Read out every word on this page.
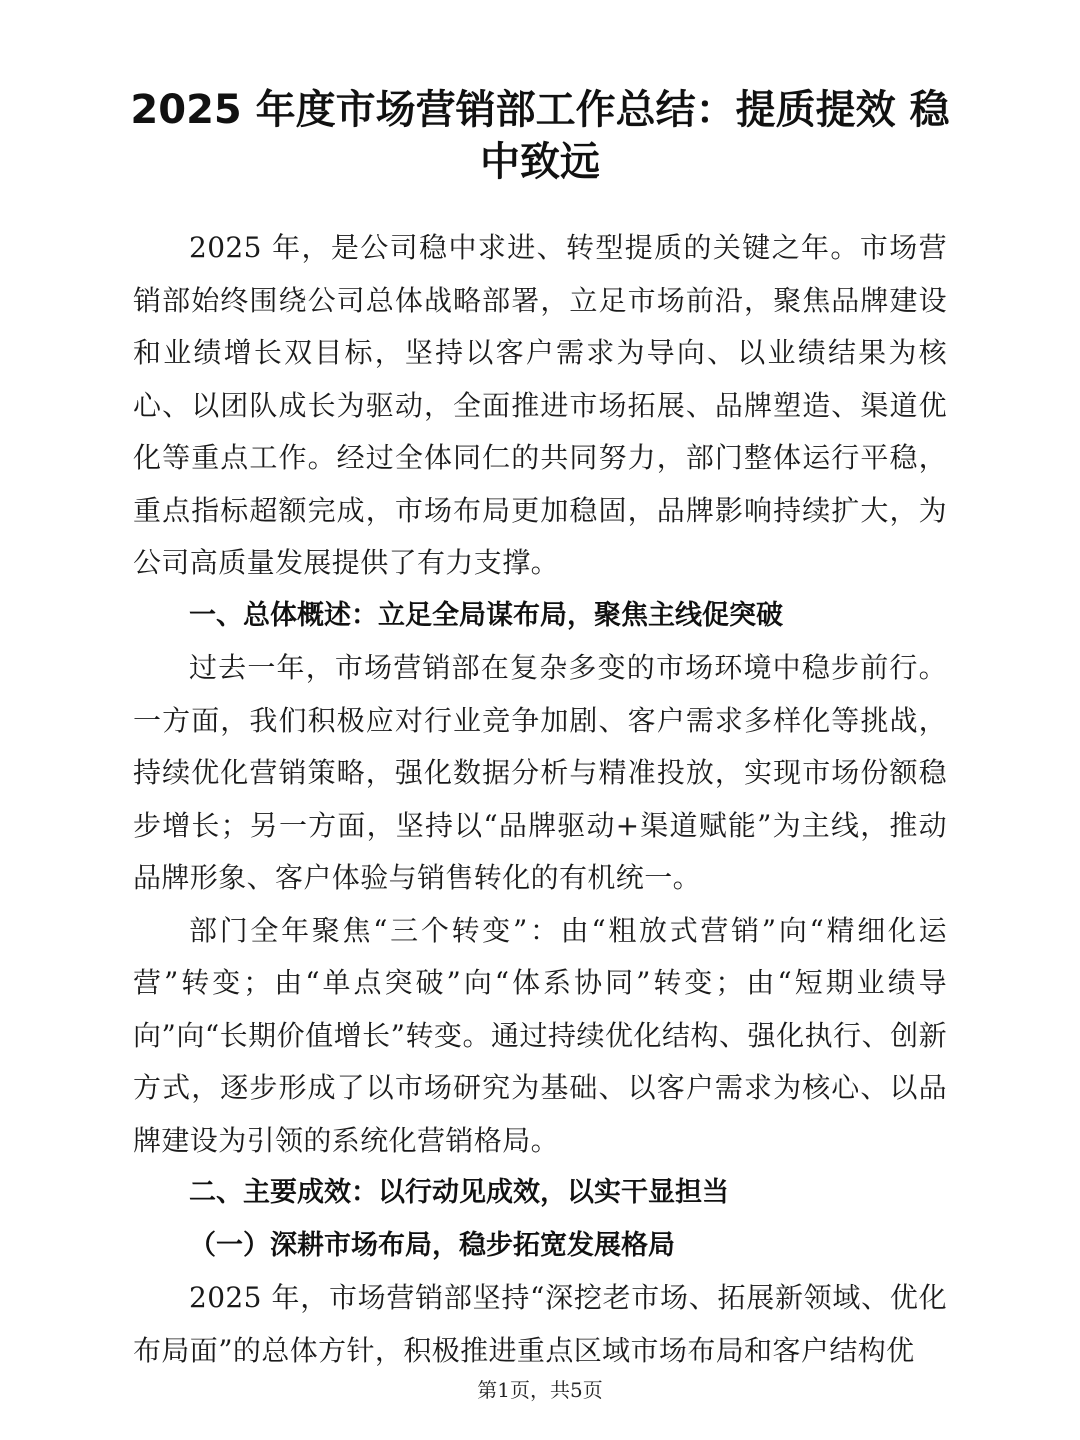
2025 年度市场营销部工作总结：提质提效 稳中致远

2025 年，是公司稳中求进、转型提质的关键之年。市场营销部始终围绕公司总体战略部署，立足市场前沿，聚焦品牌建设和业绩增长双目标，坚持以客户需求为导向、以业绩结果为核心、以团队成长为驱动，全面推进市场拓展、品牌塑造、渠道优化等重点工作。经过全体同仁的共同努力，部门整体运行平稳，重点指标超额完成，市场布局更加稳固，品牌影响持续扩大，为公司高质量发展提供了有力支撑。

一、总体概述：立足全局谋布局，聚焦主线促突破

过去一年，市场营销部在复杂多变的市场环境中稳步前行。一方面，我们积极应对行业竞争加剧、客户需求多样化等挑战，持续优化营销策略，强化数据分析与精准投放，实现市场份额稳步增长；另一方面，坚持以“品牌驱动+渠道赋能”为主线，推动品牌形象、客户体验与销售转化的有机统一。

部门全年聚焦“三个转变”：由“粗放式营销”向“精细化运营”转变；由“单点突破”向“体系协同”转变；由“短期业绩导向”向“长期价值增长”转变。通过持续优化结构、强化执行、创新方式，逐步形成了以市场研究为基础、以客户需求为核心、以品牌建设为引领的系统化营销格局。

二、主要成效：以行动见成效，以实干显担当
（一）深耕市场布局，稳步拓宽发展格局

2025 年，市场营销部坚持“深挖老市场、拓展新领域、优化布局面”的总体方针，积极推进重点区域市场布局和客户结构优

第1页，共5页
